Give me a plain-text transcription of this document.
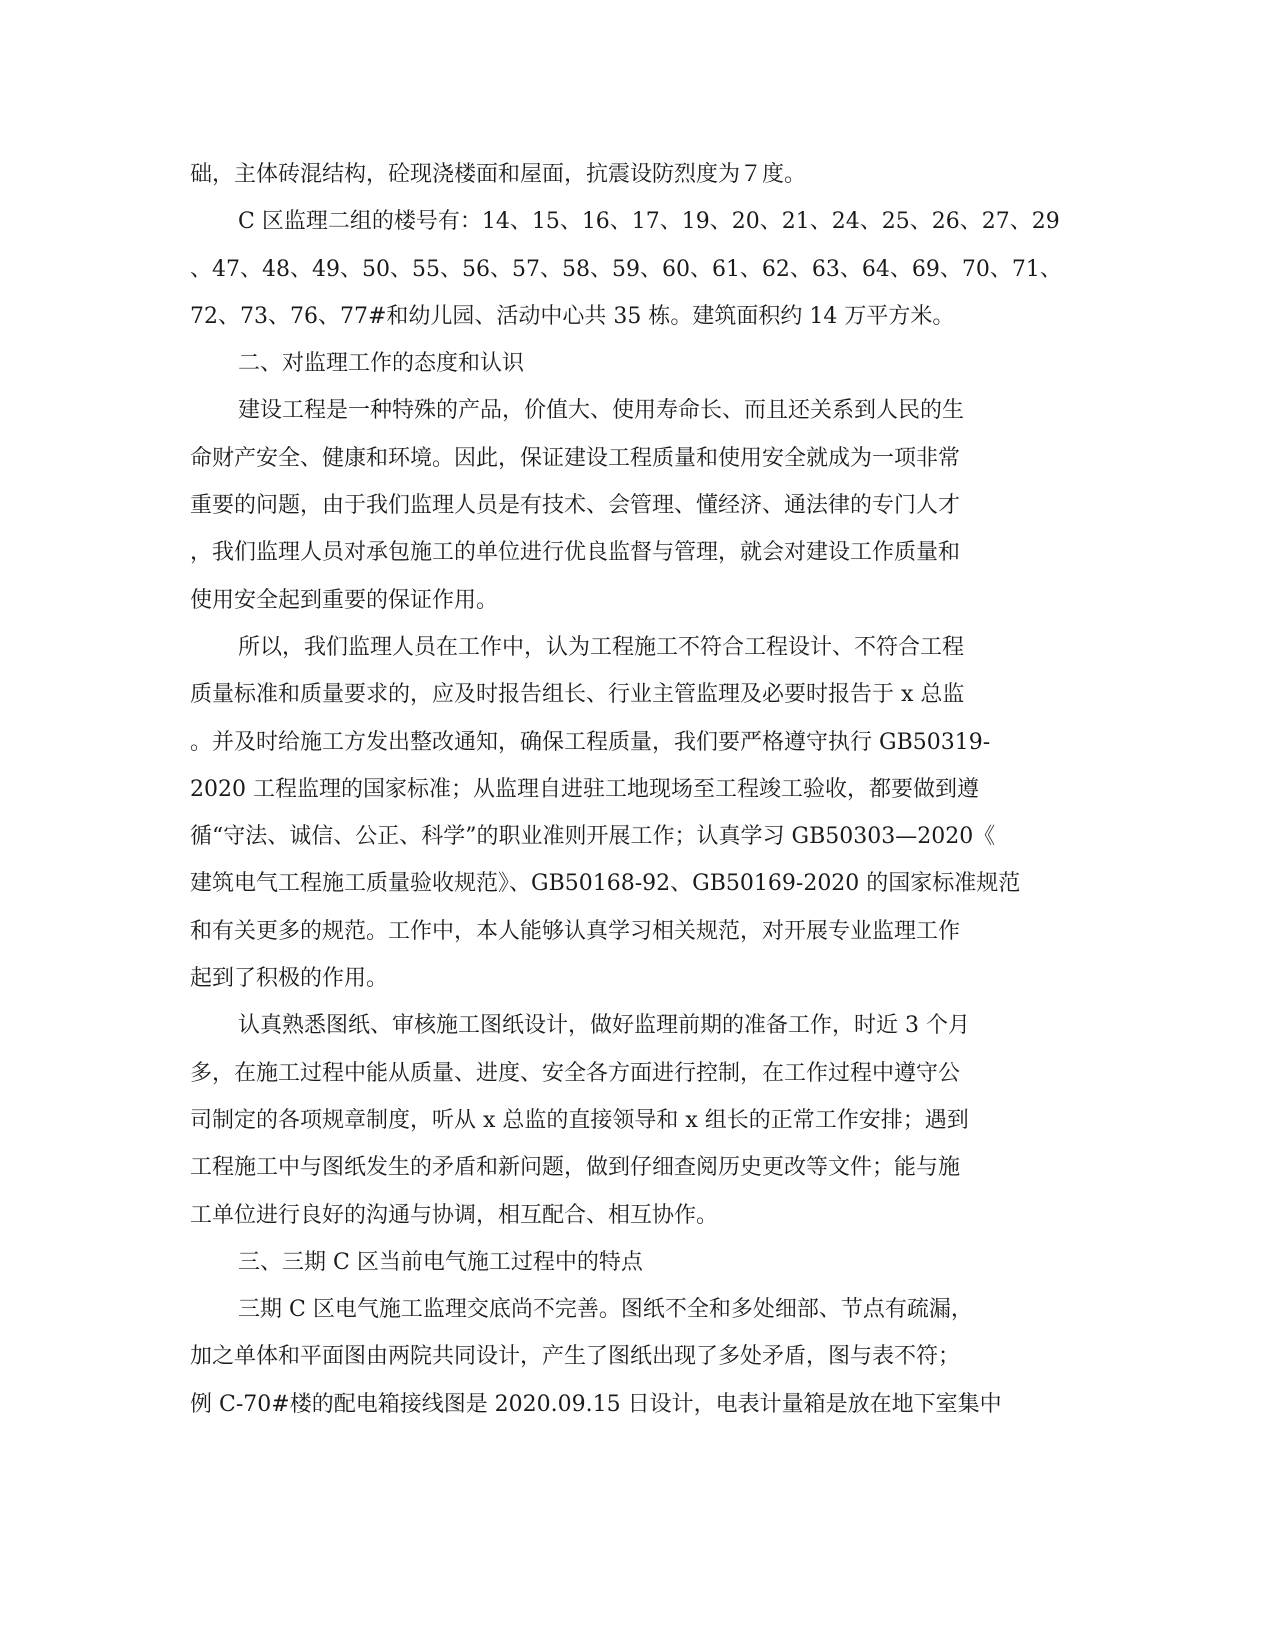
础，主体砖混结构，砼现浇楼面和屋面，抗震设防烈度为７度。

C 区监理二组的楼号有：14、15、16、17、19、20、21、24、25、26、27、29
、47、48、49、50、55、56、57、58、59、60、61、62、63、64、69、70、71、
72、73、76、77#和幼儿园、活动中心共 35 栋。建筑面积约 14 万平方米。

二、对监理工作的态度和认识

建设工程是一种特殊的产品，价值大、使用寿命长、而且还关系到人民的生
命财产安全、健康和环境。因此，保证建设工程质量和使用安全就成为一项非常
重要的问题，由于我们监理人员是有技术、会管理、懂经济、通法律的专门人才
，我们监理人员对承包施工的单位进行优良监督与管理，就会对建设工作质量和
使用安全起到重要的保证作用。

所以，我们监理人员在工作中，认为工程施工不符合工程设计、不符合工程
质量标准和质量要求的，应及时报告组长、行业主管监理及必要时报告于 x 总监
。并及时给施工方发出整改通知，确保工程质量，我们要严格遵守执行 GB50319-
2020 工程监理的国家标准；从监理自进驻工地现场至工程竣工验收，都要做到遵
循“守法、诚信、公正、科学”的职业准则开展工作；认真学习 GB50303—2020《
建筑电气工程施工质量验收规范》、GB50168-92、GB50169-2020 的国家标准规范
和有关更多的规范。工作中，本人能够认真学习相关规范，对开展专业监理工作
起到了积极的作用。

认真熟悉图纸、审核施工图纸设计，做好监理前期的准备工作，时近 3 个月
多，在施工过程中能从质量、进度、安全各方面进行控制，在工作过程中遵守公
司制定的各项规章制度，听从 x 总监的直接领导和 x 组长的正常工作安排；遇到
工程施工中与图纸发生的矛盾和新问题，做到仔细查阅历史更改等文件；能与施
工单位进行良好的沟通与协调，相互配合、相互协作。

三、三期 C 区当前电气施工过程中的特点

三期 C 区电气施工监理交底尚不完善。图纸不全和多处细部、节点有疏漏，
加之单体和平面图由两院共同设计，产生了图纸出现了多处矛盾，图与表不符；
例 C-70#楼的配电箱接线图是 2020.09.15 日设计，电表计量箱是放在地下室集中
